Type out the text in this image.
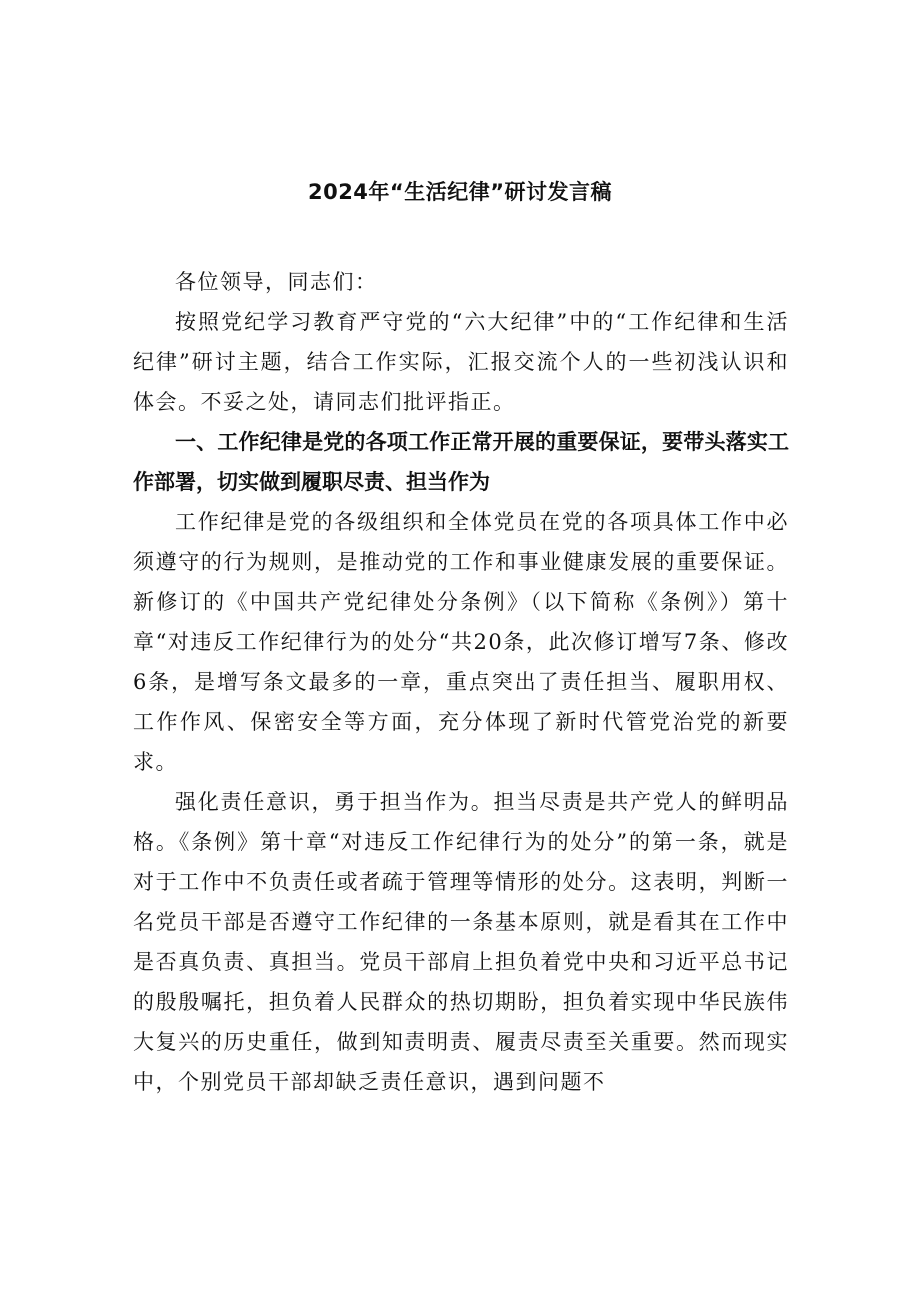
2024年“生活纪律”研讨发言稿

各位领导，同志们：

按照党纪学习教育严守党的“六大纪律”中的“工作纪律和生活纪律”研讨主题，结合工作实际，汇报交流个人的一些初浅认识和体会。不妥之处，请同志们批评指正。

一、工作纪律是党的各项工作正常开展的重要保证，要带头落实工作部署，切实做到履职尽责、担当作为

工作纪律是党的各级组织和全体党员在党的各项具体工作中必须遵守的行为规则，是推动党的工作和事业健康发展的重要保证。新修订的《中国共产党纪律处分条例》（以下简称《条例》）第十章“对违反工作纪律行为的处分“共20条，此次修订增写7条、修改6条，是增写条文最多的一章，重点突出了责任担当、履职用权、工作作风、保密安全等方面，充分体现了新时代管党治党的新要求。

强化责任意识，勇于担当作为。担当尽责是共产党人的鲜明品格。《条例》第十章“对违反工作纪律行为的处分”的第一条，就是对于工作中不负责任或者疏于管理等情形的处分。这表明，判断一名党员干部是否遵守工作纪律的一条基本原则，就是看其在工作中是否真负责、真担当。党员干部肩上担负着党中央和习近平总书记的殷殷嘱托，担负着人民群众的热切期盼，担负着实现中华民族伟大复兴的历史重任，做到知责明责、履责尽责至关重要。然而现实中，个别党员干部却缺乏责任意识，遇到问题不
